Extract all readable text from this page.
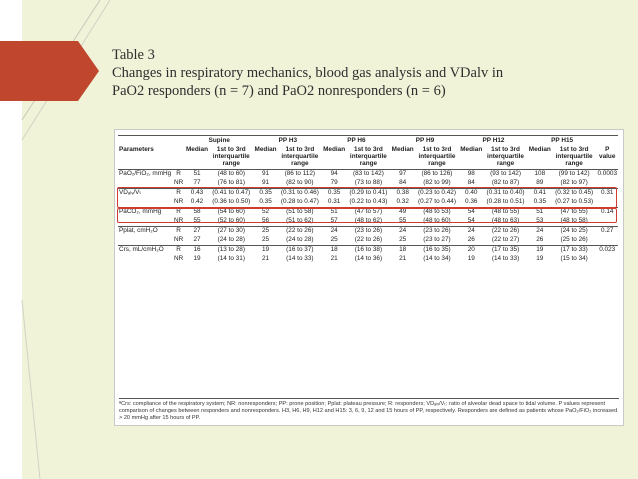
Table 3
Changes in respiratory mechanics, blood gas analysis and VDalv in
PaO2 responders (n = 7) and PaO2 nonresponders (n = 6)
		Supine		PP H3		PP H6		PP H9		PP H12		PP H15		
Parameters		Median	1st to 3rd interquartile range	Median	1st to 3rd interquartile range	Median	1st to 3rd interquartile range	Median	1st to 3rd interquartile range	Median	1st to 3rd interquartile range	Median	1st to 3rd interquartile range	P value
PaO₂/FiO₂, mmHg	R	51	(48 to 60)	91	(86 to 112)	94	(83 to 142)	97	(86 to 126)	98	(93 to 142)	108	(99 to 142)	0.0003
	NR	77	(76 to 81)	91	(82 to 90)	79	(73 to 88)	84	(82 to 99)	84	(82 to 87)	89	(82 to 97)	
VDₐₗᵥ/Vₜ	R	0.43	(0.41 to 0.47)	0.35	(0.31 to 0.46)	0.35	(0.29 to 0.41)	0.38	(0.23 to 0.42)	0.40	(0.31 to 0.40)	0.41	(0.32 to 0.45)	0.31
	NR	0.42	(0.36 to 0.50)	0.35	(0.28 to 0.47)	0.31	(0.22 to 0.43)	0.32	(0.27 to 0.44)	0.36	(0.28 to 0.51)	0.35	(0.27 to 0.53)	
PaCO₂, mmHg	R	58	(54 to 60)	52	(51 to 58)	51	(47 to 57)	49	(48 to 53)	54	(48 to 55)	51	(47 to 55)	0.14
	NR	55	(52 to 60)	56	(51 to 62)	57	(48 to 62)	55	(48 to 60)	54	(48 to 63)	53	(48 to 58)	
Pplat, cmH₂O	R	27	(27 to 30)	25	(22 to 26)	24	(23 to 26)	24	(23 to 26)	24	(22 to 26)	24	(24 to 25)	0.27
	NR	27	(24 to 28)	25	(24 to 28)	25	(22 to 26)	25	(23 to 27)	26	(22 to 27)	26	(25 to 26)	
Crs, mL/cmH₂O	R	16	(13 to 28)	19	(16 to 37)	18	(16 to 38)	18	(16 to 35)	20	(17 to 35)	19	(17 to 33)	0.023
	NR	19	(14 to 31)	21	(14 to 33)	21	(14 to 36)	21	(14 to 34)	19	(14 to 33)	19	(15 to 34)	
ªCrs: compliance of the respiratory system; NR: nonresponders; PP: prone position; Pplat: plateau pressure; R: responders; VDₐₗᵥ/Vₜ: ratio of alveolar dead space to tidal volume. P values represent comparison of changes between responders and nonresponders. H3, H6, H9, H12 and H15: 3, 6, 9, 12 and 15 hours of PP, respectively. Responders are defined as patients whose PaO₂/FiO₂ increased > 20 mmHg after 15 hours of PP.
